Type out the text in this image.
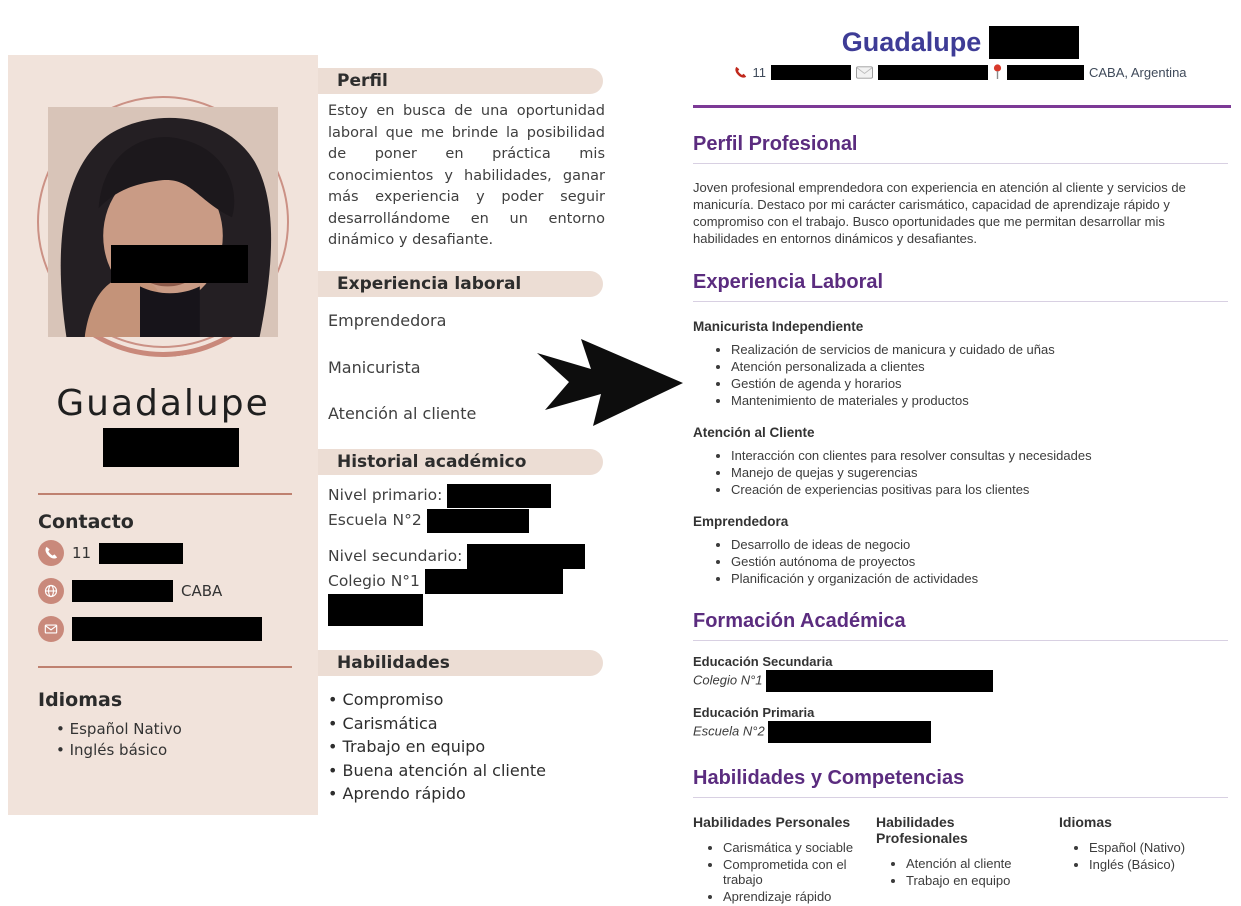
Guadalupe
Contacto
11
CABA
Idiomas
• Español Nativo
• Inglés básico
Perfil
Estoy en busca de una oportunidad laboral que me brinde la posibilidad de poner en práctica mis conocimientos y habilidades, ganar más experiencia y poder seguir desarrollándome en un entorno dinámico y desafiante.
Experiencia laboral
Emprendedora
Manicurista
Atención al cliente
Historial académico
Nivel primario:
Escuela N°2
Nivel secundario:
Colegio N°1
Habilidades
• Compromiso
• Carismática
• Trabajo en equipo
• Buena atención al cliente
• Aprendo rápido
Guadalupe
11	CABA, Argentina
Perfil Profesional

Joven profesional emprendedora con experiencia en atención al cliente y servicios de manicuría. Destaco por mi carácter carismático, capacidad de aprendizaje rápido y compromiso con el trabajo. Busco oportunidades que me permitan desarrollar mis habilidades en entornos dinámicos y desafiantes.

Experiencia Laboral
Manicurista Independiente
• Realización de servicios de manicura y cuidado de uñas
• Atención personalizada a clientes
• Gestión de agenda y horarios
• Mantenimiento de materiales y productos
Atención al Cliente
• Interacción con clientes para resolver consultas y necesidades
• Manejo de quejas y sugerencias
• Creación de experiencias positivas para los clientes
Emprendedora
• Desarrollo de ideas de negocio
• Gestión autónoma de proyectos
• Planificación y organización de actividades
Formación Académica
Educación Secundaria
Colegio N°1
Educación Primaria
Escuela N°2
Habilidades y Competencias
Habilidades Personales
• Carismática y sociable
• Comprometida con el trabajo
• Aprendizaje rápido
Habilidades Profesionales
• Atención al cliente
• Trabajo en equipo
Idiomas
• Español (Nativo)
• Inglés (Básico)
